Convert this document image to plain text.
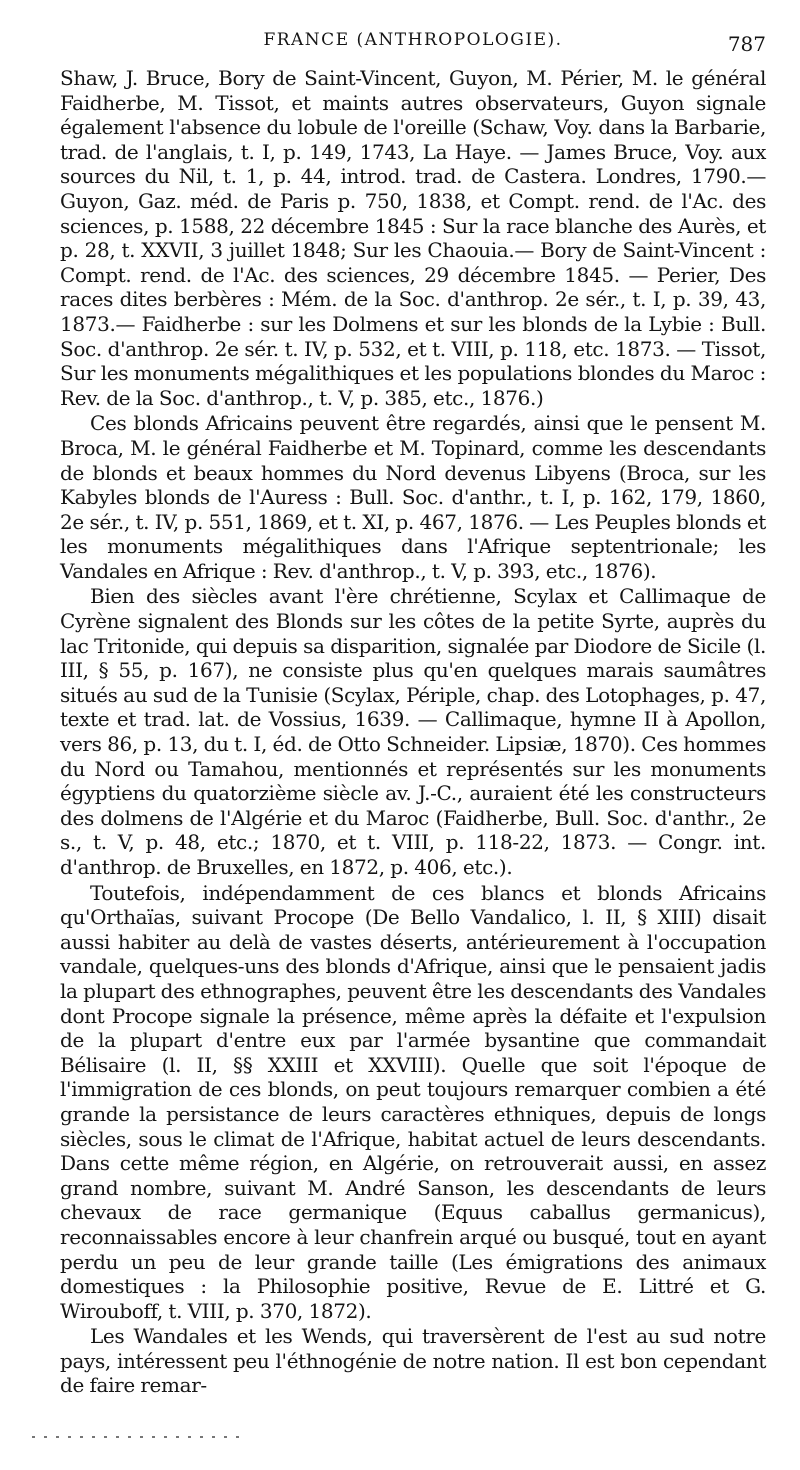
FRANCE (ANTHROPOLOGIE).	787

Shaw, J. Bruce, Bory de Saint-Vincent, Guyon, M. Périer, M. le général Faidherbe, M. Tissot, et maints autres observateurs, Guyon signale également l'absence du lobule de l'oreille (Schaw, Voy. dans la Barbarie, trad. de l'anglais, t. I, p. 149, 1743, La Haye. — James Bruce, Voy. aux sources du Nil, t. 1, p. 44, introd. trad. de Castera. Londres, 1790.—Guyon, Gaz. méd. de Paris p. 750, 1838, et Compt. rend. de l'Ac. des sciences, p. 1588, 22 décembre 1845 : Sur la race blanche des Aurès, et p. 28, t. XXVII, 3 juillet 1848; Sur les Chaouia.— Bory de Saint-Vincent : Compt. rend. de l'Ac. des sciences, 29 décembre 1845. — Perier, Des races dites berbères : Mém. de la Soc. d'anthrop. 2e sér., t. I, p. 39, 43, 1873.— Faidherbe : sur les Dolmens et sur les blonds de la Lybie : Bull. Soc. d'anthrop. 2e sér. t. IV, p. 532, et t. VIII, p. 118, etc. 1873. — Tissot, Sur les monuments mégalithiques et les populations blondes du Maroc : Rev. de la Soc. d'anthrop., t. V, p. 385, etc., 1876.)

Ces blonds Africains peuvent être regardés, ainsi que le pensent M. Broca, M. le général Faidherbe et M. Topinard, comme les descendants de blonds et beaux hommes du Nord devenus Libyens (Broca, sur les Kabyles blonds de l'Auress : Bull. Soc. d'anthr., t. I, p. 162, 179, 1860, 2e sér., t. IV, p. 551, 1869, et t. XI, p. 467, 1876. — Les Peuples blonds et les monuments mégalithiques dans l'Afrique septentrionale; les Vandales en Afrique : Rev. d'anthrop., t. V, p. 393, etc., 1876).

Bien des siècles avant l'ère chrétienne, Scylax et Callimaque de Cyrène signalent des Blonds sur les côtes de la petite Syrte, auprès du lac Tritonide, qui depuis sa disparition, signalée par Diodore de Sicile (l. III, § 55, p. 167), ne consiste plus qu'en quelques marais saumâtres situés au sud de la Tunisie (Scylax, Périple, chap. des Lotophages, p. 47, texte et trad. lat. de Vossius, 1639. — Callimaque, hymne II à Apollon, vers 86, p. 13, du t. I, éd. de Otto Schneider. Lipsiæ, 1870). Ces hommes du Nord ou Tamahou, mentionnés et représentés sur les monuments égyptiens du quatorzième siècle av. J.-C., auraient été les constructeurs des dolmens de l'Algérie et du Maroc (Faidherbe, Bull. Soc. d'anthr., 2e s., t. V, p. 48, etc.; 1870, et t. VIII, p. 118-22, 1873. — Congr. int. d'anthrop. de Bruxelles, en 1872, p. 406, etc.).

Toutefois, indépendamment de ces blancs et blonds Africains qu'Orthaïas, suivant Procope (De Bello Vandalico, l. II, § XIII) disait aussi habiter au delà de vastes déserts, antérieurement à l'occupation vandale, quelques-uns des blonds d'Afrique, ainsi que le pensaient jadis la plupart des ethnographes, peuvent être les descendants des Vandales dont Procope signale la présence, même après la défaite et l'expulsion de la plupart d'entre eux par l'armée bysantine que commandait Bélisaire (l. II, §§ XXIII et XXVIII). Quelle que soit l'époque de l'immigration de ces blonds, on peut toujours remarquer combien a été grande la persistance de leurs caractères ethniques, depuis de longs siècles, sous le climat de l'Afrique, habitat actuel de leurs descendants. Dans cette même région, en Algérie, on retrouverait aussi, en assez grand nombre, suivant M. André Sanson, les descendants de leurs chevaux de race germanique (Equus caballus germanicus), reconnaissables encore à leur chanfrein arqué ou busqué, tout en ayant perdu un peu de leur grande taille (Les émigrations des animaux domestiques : la Philosophie positive, Revue de E. Littré et G. Wirouboff, t. VIII, p. 370, 1872).

Les Wandales et les Wends, qui traversèrent de l'est au sud notre pays, intéressent peu l'éthnogénie de notre nation. Il est bon cependant de faire remar-
